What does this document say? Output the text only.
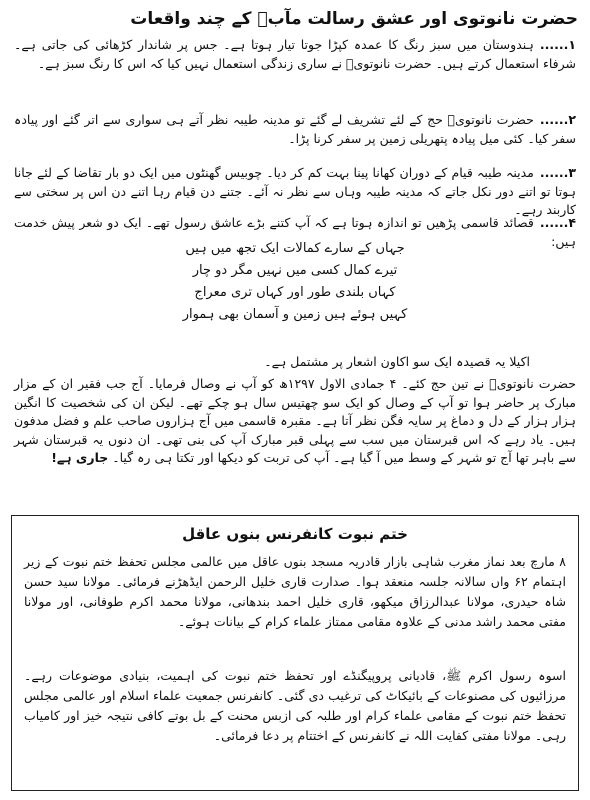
حضرت نانوتوی اور عشق رسالت مآبؐ کے چند واقعات
۱......ہندوستان میں سبز رنگ کا عمدہ کپڑا جوتا تیار ہوتا ہے۔ جس پر شاندار کڑھائی کی جاتی ہے۔ شرفاء استعمال کرتے ہیں۔ حضرت نانوتویؒ نے ساری زندگی استعمال نہیں کیا کہ اس کا رنگ سبز ہے۔
۲......حضرت نانوتویؒ حج کے لئے تشریف لے گئے تو مدینہ طیبہ نظر آتے ہی سواری سے اتر گئے اور پیادہ سفر کیا۔ کئی میل پیادہ پتھریلی زمین پر سفر کرنا پڑا۔
۳......مدینہ طیبہ قیام کے دوران کھانا پینا بہت کم کر دیا۔ چوبیس گھنٹوں میں ایک دو بار تقاضا کے لئے جانا ہوتا تو اتنے دور نکل جاتے کہ مدینہ طیبہ وہاں سے نظر نہ آئے۔ جتنے دن قیام رہا اتنے دن اس پر سختی سے کاربند رہے۔
۴......قصائد قاسمی پڑھیں تو اندازہ ہوتا ہے کہ آپ کتنے بڑے عاشق رسول تھے۔ ایک دو شعر پیش خدمت ہیں:
جہاں کے سارے کمالات ایک تجھ میں ہیں
تیرے کمال کسی میں نہیں مگر دو چار
کہاں بلندی طور اور کہاں تری معراج
کہیں ہوئے ہیں زمین و آسمان بھی ہموار
اکیلا یہ قصیدہ ایک سو اکاون اشعار پر مشتمل ہے۔
حضرت نانوتویؒ نے تین حج کئے۔ ۴ جمادی الاول ۱۲۹۷ھ کو آپ نے وصال فرمایا۔ آج جب فقیر ان کے مزار مبارک پر حاضر ہوا تو آپ کے وصال کو ایک سو چھتیس سال ہو چکے تھے۔ لیکن ان کی شخصیت کا انگین ہزار ہزار کے دل و دماغ پر سایہ فگن نظر آتا ہے۔ مقبرہ قاسمی میں آج ہزاروں صاحب علم و فضل مدفون ہیں۔ یاد رہے کہ اس قبرستان میں سب سے پہلی قبر مبارک آپ کی بنی تھی۔ ان دنوں یہ قبرستان شہر سے باہر تھا آج تو شہر کے وسط میں آ گیا ہے۔ آپ کی تربت کو دیکھا اور تکتا ہی رہ گیا۔ جاری ہے!
ختم نبوت کانفرنس بنوں عاقل
۸ مارچ بعد نماز مغرب شاہی بازار قادریہ مسجد بنوں عاقل میں عالمی مجلس تحفظ ختم نبوت کے زیر اہتمام ۶۲ واں سالانہ جلسہ منعقد ہوا۔ صدارت قاری خلیل الرحمن ایڈھڑنے فرمائی۔ مولانا سید حسن شاہ حیدری، مولانا عبدالرزاق میکھو، قاری خلیل احمد بندھانی، مولانا محمد اکرم طوفانی، اور مولانا مفتی محمد راشد مدنی کے علاوہ مقامی ممتاز علماء کرام کے بیانات ہوئے۔
اسوہ رسول اکرم ﷺ، قادیانی پروپیگنڈے اور تحفظ ختم نبوت کی اہمیت، بنیادی موضوعات رہے۔ مرزائیوں کی مصنوعات کے بائیکاٹ کی ترغیب دی گئی۔ کانفرنس جمعیت علماء اسلام اور عالمی مجلس تحفظ ختم نبوت کے مقامی علماء کرام اور طلبہ کی ازبس محنت کے بل بوتے کافی نتیجہ خیز اور کامیاب رہی۔ مولانا مفتی کفایت اللہ نے کانفرنس کے اختتام پر دعا فرمائی۔
